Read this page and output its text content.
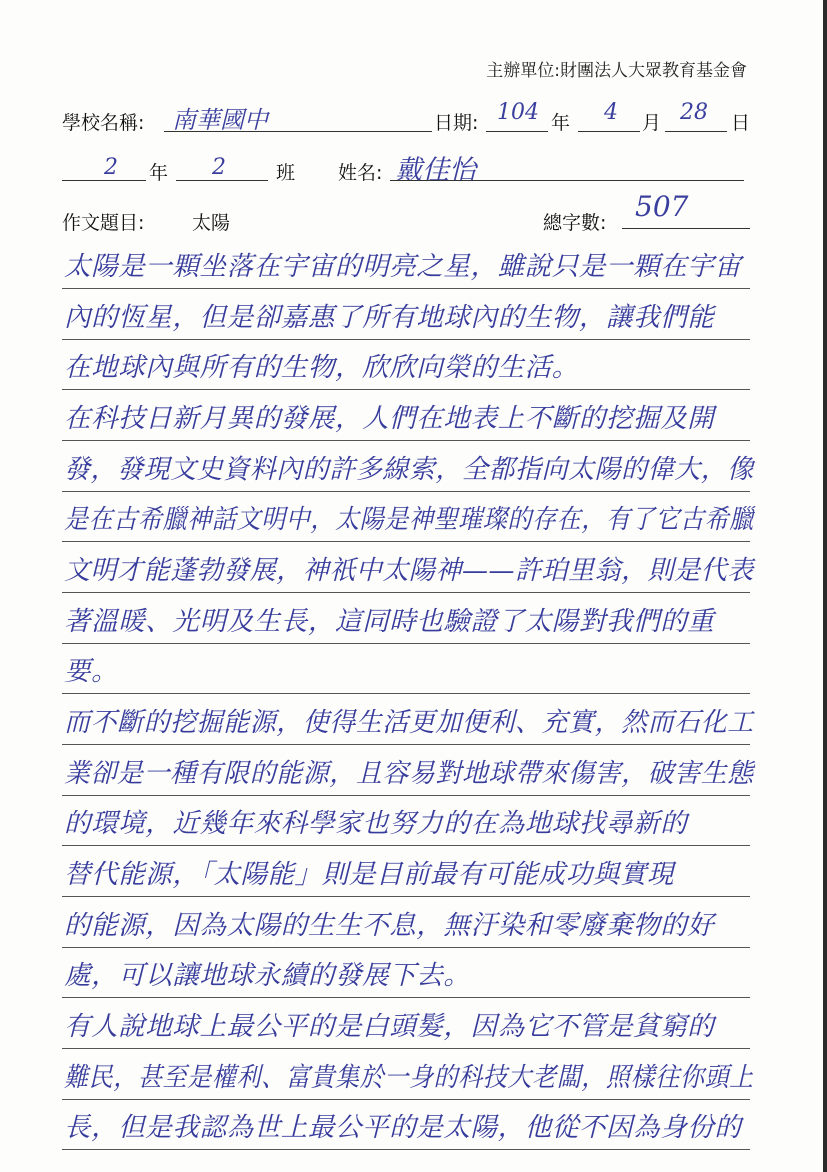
主辦單位:財團法人大眾教育基金會
學校名稱: 南華國中	日期: 104 年 4 月 28 日
2 年 2	班 姓名: 戴佳怡
作文題目:	太陽	總字數: 507
太陽是一顆坐落在宇宙的明亮之星，雖說只是一顆在宇宙
內的恆星，但是卻嘉惠了所有地球內的生物，讓我們能
在地球內與所有的生物，欣欣向榮的生活。
在科技日新月異的發展，人們在地表上不斷的挖掘及開
發，發現文史資料內的許多線索，全都指向太陽的偉大，像
是在古希臘神話文明中，太陽是神聖璀璨的存在，有了它古希臘
文明才能蓬勃發展，神祇中太陽神——許珀里翁，則是代表
著溫暖、光明及生長，這同時也驗證了太陽對我們的重
要。
而不斷的挖掘能源，使得生活更加便利、充實，然而石化工
業卻是一種有限的能源，且容易對地球帶來傷害，破害生態
的環境，近幾年來科學家也努力的在為地球找尋新的
替代能源，「太陽能」則是目前最有可能成功與實現
的能源，因為太陽的生生不息，無汙染和零廢棄物的好
處，可以讓地球永續的發展下去。
有人說地球上最公平的是白頭髮，因為它不管是貧窮的
難民，甚至是權利、富貴集於一身的科技大老闆，照樣往你頭上
長，但是我認為世上最公平的是太陽，他從不因為身份的
